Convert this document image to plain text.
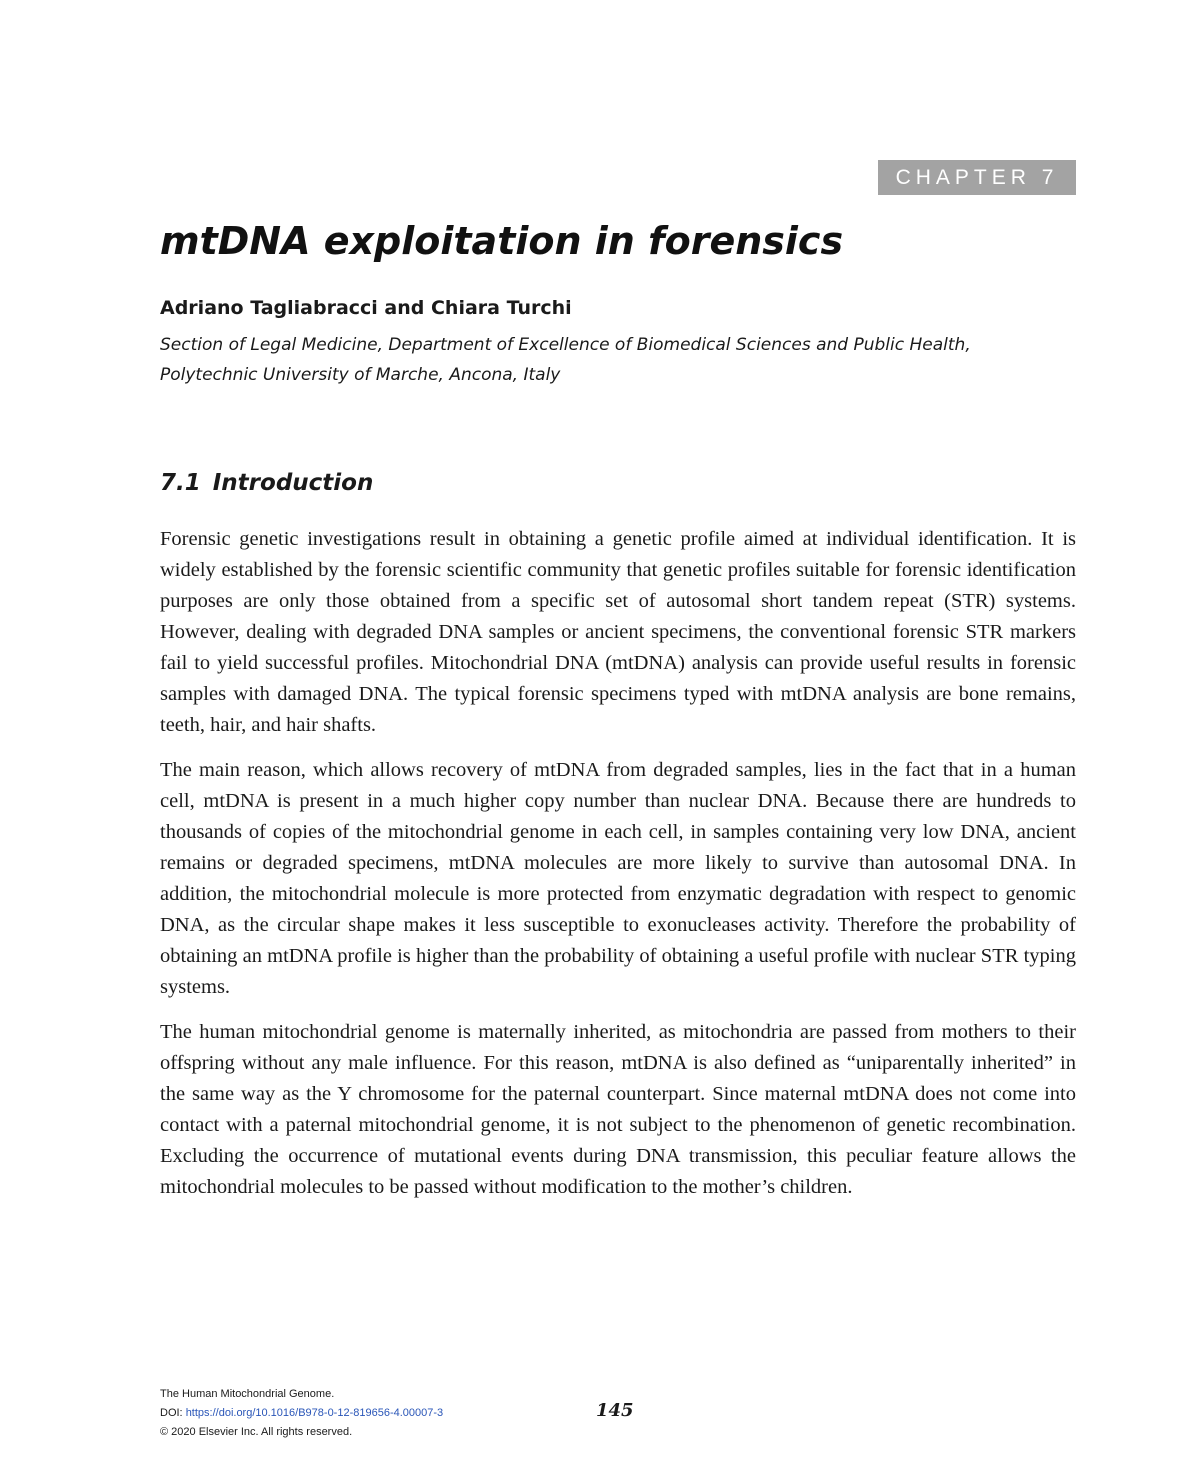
CHAPTER 7
mtDNA exploitation in forensics
Adriano Tagliabracci and Chiara Turchi
Section of Legal Medicine, Department of Excellence of Biomedical Sciences and Public Health,
Polytechnic University of Marche, Ancona, Italy
7.1 Introduction

Forensic genetic investigations result in obtaining a genetic profile aimed at individual identification. It is widely established by the forensic scientific community that genetic profiles suitable for forensic identification purposes are only those obtained from a specific set of autosomal short tandem repeat (STR) systems. However, dealing with degraded DNA samples or ancient specimens, the conventional forensic STR markers fail to yield successful profiles. Mitochondrial DNA (mtDNA) analysis can provide useful results in forensic samples with damaged DNA. The typical forensic specimens typed with mtDNA analysis are bone remains, teeth, hair, and hair shafts.

The main reason, which allows recovery of mtDNA from degraded samples, lies in the fact that in a human cell, mtDNA is present in a much higher copy number than nuclear DNA. Because there are hundreds to thousands of copies of the mitochondrial genome in each cell, in samples containing very low DNA, ancient remains or degraded specimens, mtDNA molecules are more likely to survive than autosomal DNA. In addition, the mitochondrial molecule is more protected from enzymatic degradation with respect to genomic DNA, as the circular shape makes it less susceptible to exonucleases activity. Therefore the probability of obtaining an mtDNA profile is higher than the probability of obtaining a useful profile with nuclear STR typing systems.

The human mitochondrial genome is maternally inherited, as mitochondria are passed from mothers to their offspring without any male influence. For this reason, mtDNA is also defined as “uniparentally inherited” in the same way as the Y chromosome for the paternal counterpart. Since maternal mtDNA does not come into contact with a paternal mitochondrial genome, it is not subject to the phenomenon of genetic recombination. Excluding the occurrence of mutational events during DNA transmission, this peculiar feature allows the mitochondrial molecules to be passed without modification to the mother’s children.

The Human Mitochondrial Genome.
DOI: https://doi.org/10.1016/B978-0-12-819656-4.00007-3
© 2020 Elsevier Inc. All rights reserved.
145
